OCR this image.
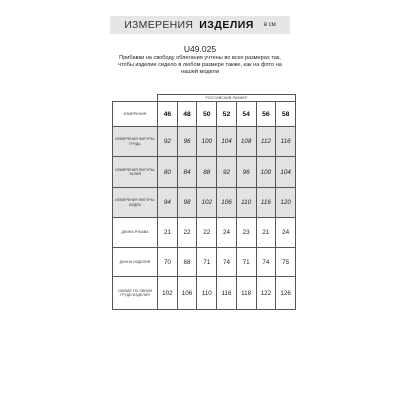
ИЗМЕРЕНИЯ ИЗДЕЛИЯ в см
U49.025
Прибавки на свободу облегания учтены во всех размерах так, чтобы изделие сидело в любом размере также, как на фото на нашей модели
	РОССИЙСКИЙ РАЗМЕР						
ИЗМЕРЕНИЯ	46	48	50	52	54	56	58
ИЗМЕРЕНИЯ ФИГУРЫ: ГРУДЬ	92	96	100	104	108	112	116
ИЗМЕРЕНИЯ ФИГУРЫ: ТАЛИЯ	80	84	88	92	96	100	104
ИЗМЕРЕНИЯ ФИГУРЫ: БЁДРА	94	98	102	106	110	116	120
ДЛИНА РУКАВА	21	22	22	24	23	21	24
ДЛИНА ИЗДЕЛИЯ	70	68	71	74	71	74	75
ОБХВАТ ПО ЛИНИИ ГРУДИ ИЗДЕЛИЯ	102	106	110	116	118	122	126
